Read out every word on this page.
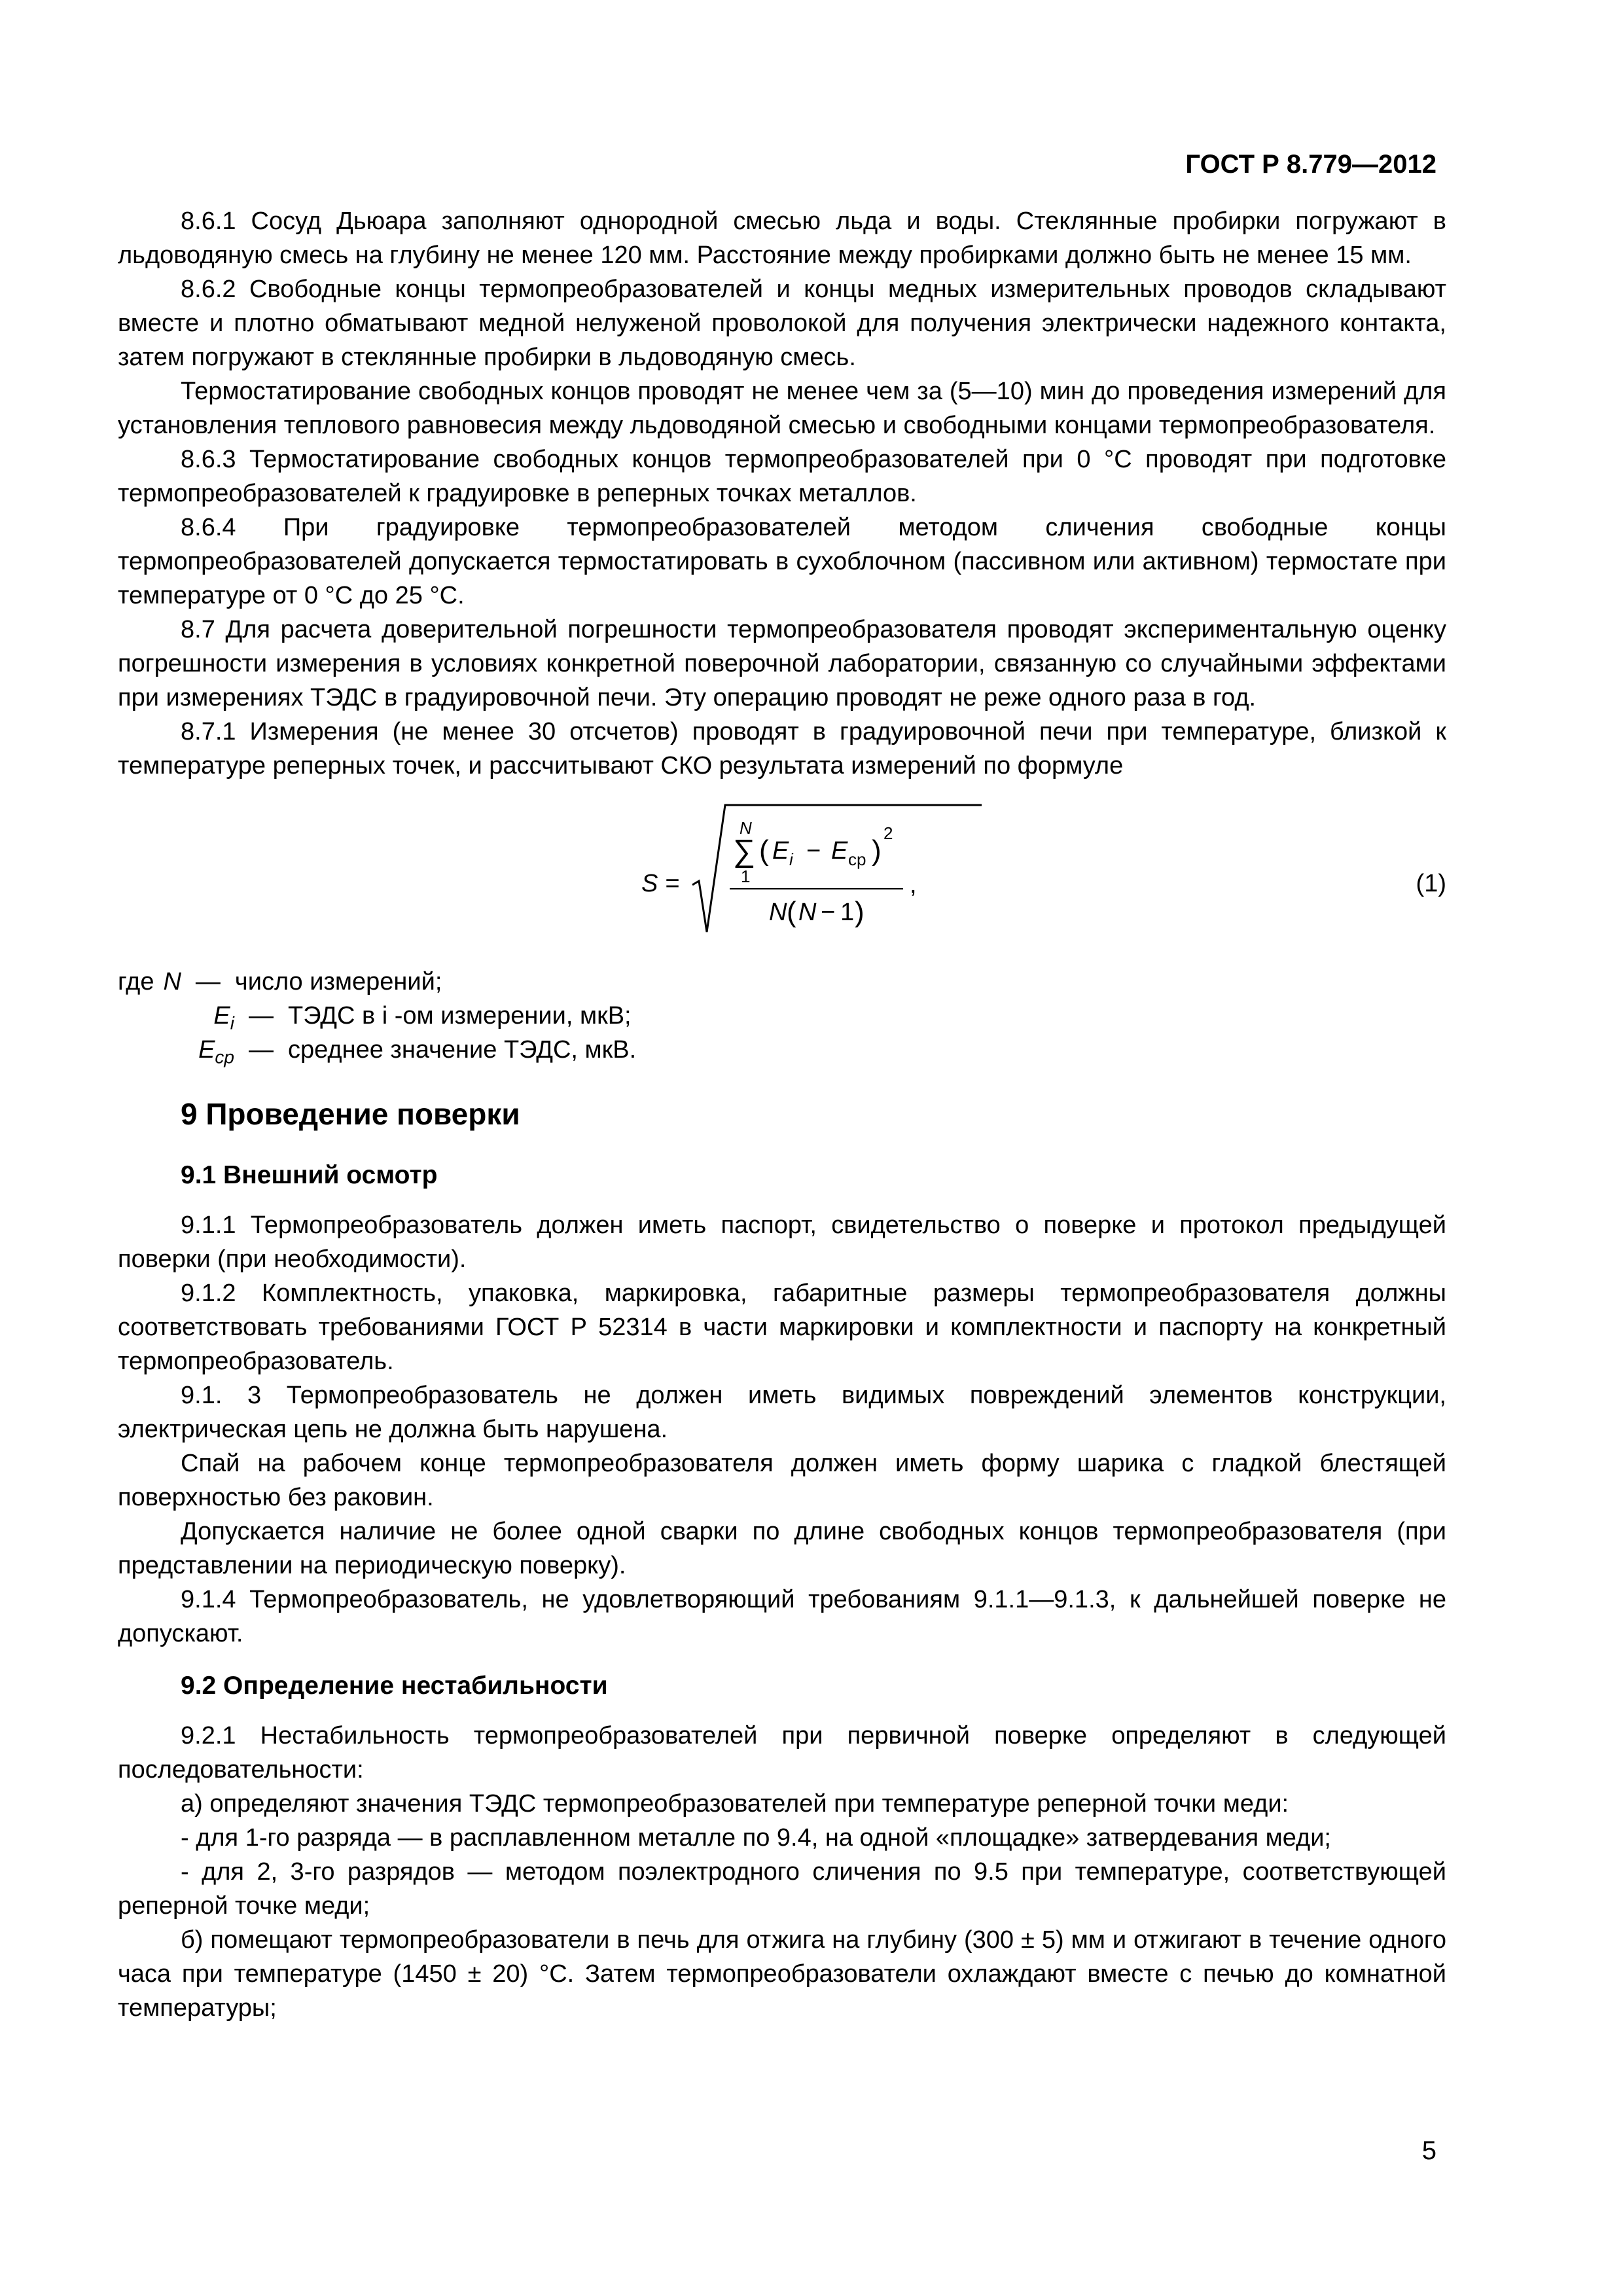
ГОСТ Р 8.779—2012

8.6.1 Сосуд Дьюара заполняют однородной смесью льда и воды. Стеклянные пробирки погружают в льдоводяную смесь на глубину не менее 120 мм. Расстояние между пробирками должно быть не менее 15 мм.

8.6.2 Свободные концы термопреобразователей и концы медных измерительных проводов складывают вместе и плотно обматывают медной нелуженой проволокой для получения электрически надежного контакта, затем погружают в стеклянные пробирки в льдоводяную смесь.

Термостатирование свободных концов проводят не менее чем за (5—10) мин до проведения измерений для установления теплового равновесия между льдоводяной смесью и свободными концами термопреобразователя.

8.6.3 Термостатирование свободных концов термопреобразователей при 0 °С проводят при подготовке термопреобразователей к градуировке в реперных точках металлов.

8.6.4 При градуировке термопреобразователей методом сличения свободные концы термопреобразователей допускается термостатировать в сухоблочном (пассивном или активном) термостате при температуре от 0 °С до 25 °С.

8.7 Для расчета доверительной погрешности термопреобразователя проводят экспериментальную оценку погрешности измерения в условиях конкретной поверочной лаборатории, связанную со случайными эффектами при измерениях ТЭДС в градуировочной печи. Эту операцию проводят не реже одного раза в год.

8.7.1 Измерения (не менее 30 отсчетов) проводят в градуировочной печи при температуре, близкой к температуре реперных точек, и рассчитывают СКО результата измерений по формуле

S =
N
∑
1
( E i − E ср )
2
N ( N − 1 )
,	(1)
где N — число измерений;
$E_i$ — ТЭДС в i -ом измерении, мкВ;
$E_{ср}$ — среднее значение ТЭДС, мкВ.
9 Проведение поверки
9.1 Внешний осмотр

9.1.1 Термопреобразователь должен иметь паспорт, свидетельство о поверке и протокол предыдущей поверки (при необходимости).

9.1.2 Комплектность, упаковка, маркировка, габаритные размеры термопреобразователя должны соответствовать требованиями ГОСТ Р 52314 в части маркировки и комплектности и паспорту на конкретный термопреобразователь.

9.1. 3 Термопреобразователь не должен иметь видимых повреждений элементов конструкции, электрическая цепь не должна быть нарушена.

Спай на рабочем конце термопреобразователя должен иметь форму шарика с гладкой блестящей поверхностью без раковин.

Допускается наличие не более одной сварки по длине свободных концов термопреобразователя (при представлении на периодическую поверку).

9.1.4 Термопреобразователь, не удовлетворяющий требованиям 9.1.1—9.1.3, к дальнейшей поверке не допускают.

9.2 Определение нестабильности

9.2.1 Нестабильность термопреобразователей при первичной поверке определяют в следующей последовательности:

а) определяют значения ТЭДС термопреобразователей при температуре реперной точки меди:

- для 1-го разряда — в расплавленном металле по 9.4, на одной «площадке» затвердевания меди;

- для 2, 3-го разрядов — методом поэлектродного сличения по 9.5 при температуре, соответствующей реперной точке меди;

б) помещают термопреобразователи в печь для отжига на глубину (300 ± 5) мм и отжигают в течение одного часа при температуре (1450 ± 20) °С. Затем термопреобразователи охлаждают вместе с печью до комнатной температуры;

5
